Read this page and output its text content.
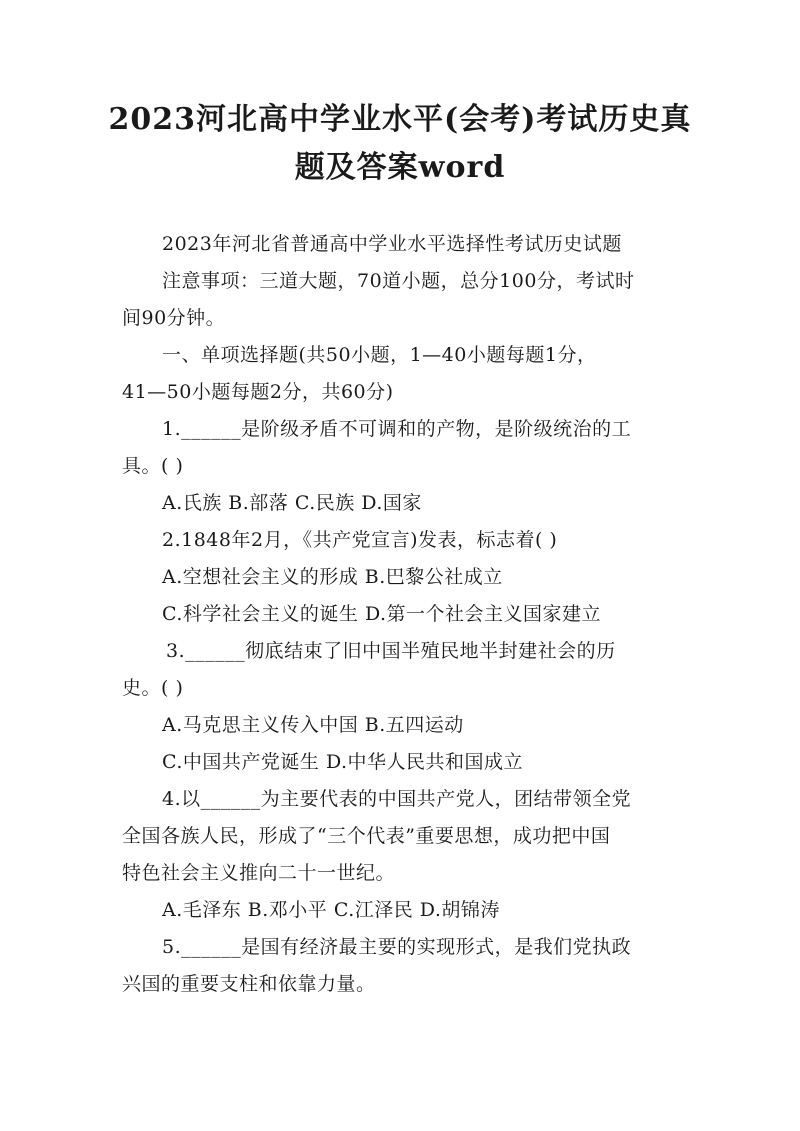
2023河北高中学业水平(会考)考试历史真
题及答案word
2023年河北省普通高中学业水平选择性考试历史试题
注意事项：三道大题，70道小题，总分100分，考试时
间90分钟。
一、单项选择题(共50小题，1—40小题每题1分，
41—50小题每题2分，共60分)
1.______是阶级矛盾不可调和的产物，是阶级统治的工
具。( )
A.氏族 B.部落 C.民族 D.国家
2.1848年2月，《共产党宣言)发表，标志着( )
A.空想社会主义的形成 B.巴黎公社成立
C.科学社会主义的诞生 D.第一个社会主义国家建立
3.______彻底结束了旧中国半殖民地半封建社会的历
史。( )
A.马克思主义传入中国 B.五四运动
C.中国共产党诞生 D.中华人民共和国成立
4.以______为主要代表的中国共产党人，团结带领全党
全国各族人民，形成了“三个代表”重要思想，成功把中国
特色社会主义推向二十一世纪。
A.毛泽东 B.邓小平 C.江泽民 D.胡锦涛
5.______是国有经济最主要的实现形式，是我们党执政
兴国的重要支柱和依靠力量。
